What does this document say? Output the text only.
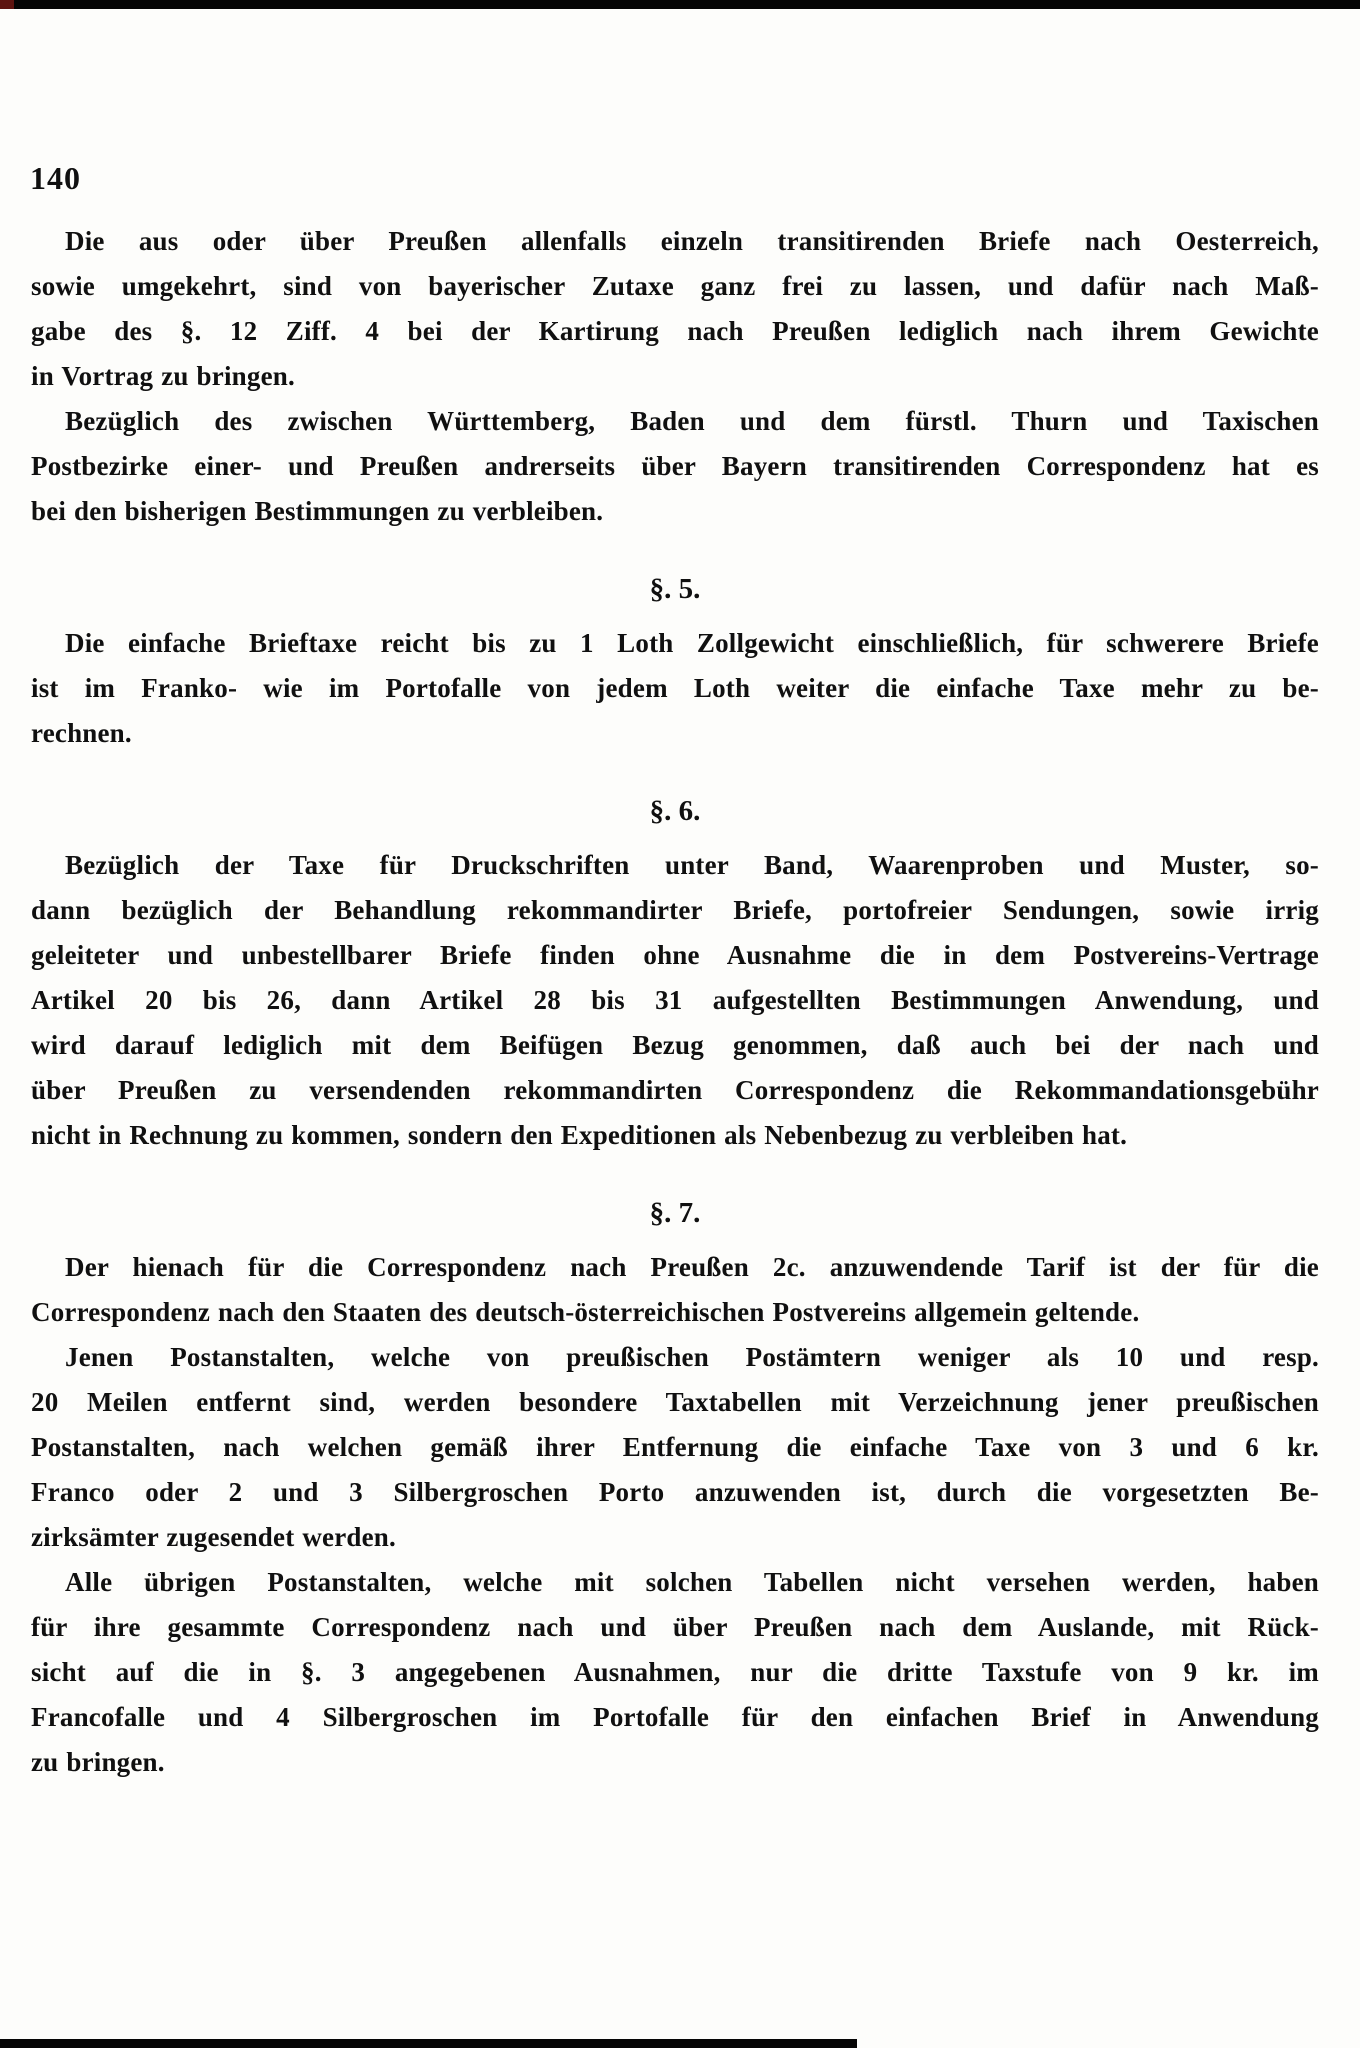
140
Die aus oder über Preußen allenfalls einzeln transitirenden Briefe nach Oesterreich,
sowie umgekehrt, sind von bayerischer Zutaxe ganz frei zu lassen, und dafür nach Maß-
gabe des §. 12 Ziff. 4 bei der Kartirung nach Preußen lediglich nach ihrem Gewichte
in Vortrag zu bringen.
Bezüglich des zwischen Württemberg, Baden und dem fürstl. Thurn und Taxischen
Postbezirke einer- und Preußen andrerseits über Bayern transitirenden Correspondenz hat es
bei den bisherigen Bestimmungen zu verbleiben.
§. 5.
Die einfache Brieftaxe reicht bis zu 1 Loth Zollgewicht einschließlich, für schwerere Briefe
ist im Franko- wie im Portofalle von jedem Loth weiter die einfache Taxe mehr zu be-
rechnen.
§. 6.
Bezüglich der Taxe für Druckschriften unter Band, Waarenproben und Muster, so-
dann bezüglich der Behandlung rekommandirter Briefe, portofreier Sendungen, sowie irrig
geleiteter und unbestellbarer Briefe finden ohne Ausnahme die in dem Postvereins-Vertrage
Artikel 20 bis 26, dann Artikel 28 bis 31 aufgestellten Bestimmungen Anwendung, und
wird darauf lediglich mit dem Beifügen Bezug genommen, daß auch bei der nach und
über Preußen zu versendenden rekommandirten Correspondenz die Rekommandationsgebühr
nicht in Rechnung zu kommen, sondern den Expeditionen als Nebenbezug zu verbleiben hat.
§. 7.
Der hienach für die Correspondenz nach Preußen 2c. anzuwendende Tarif ist der für die
Correspondenz nach den Staaten des deutsch-österreichischen Postvereins allgemein geltende.
Jenen Postanstalten, welche von preußischen Postämtern weniger als 10 und resp.
20 Meilen entfernt sind, werden besondere Taxtabellen mit Verzeichnung jener preußischen
Postanstalten, nach welchen gemäß ihrer Entfernung die einfache Taxe von 3 und 6 kr.
Franco oder 2 und 3 Silbergroschen Porto anzuwenden ist, durch die vorgesetzten Be-
zirksämter zugesendet werden.
Alle übrigen Postanstalten, welche mit solchen Tabellen nicht versehen werden, haben
für ihre gesammte Correspondenz nach und über Preußen nach dem Auslande, mit Rück-
sicht auf die in §. 3 angegebenen Ausnahmen, nur die dritte Taxstufe von 9 kr. im
Francofalle und 4 Silbergroschen im Portofalle für den einfachen Brief in Anwendung
zu bringen.
